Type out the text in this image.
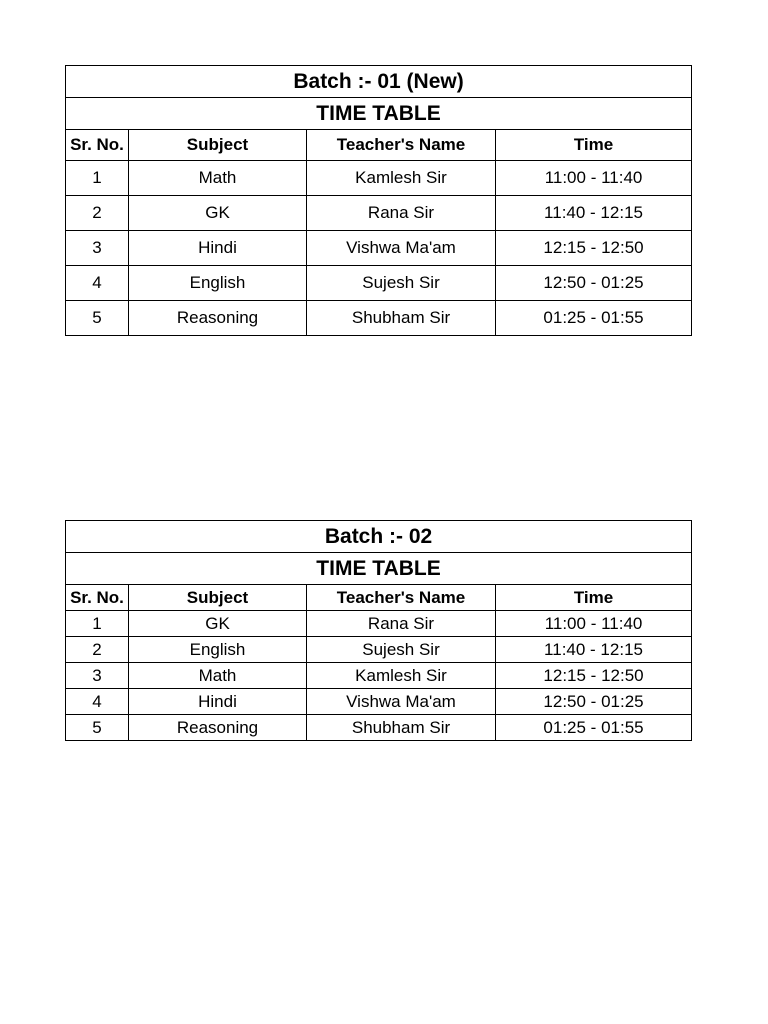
Batch :- 01 (New)			
TIME TABLE			
Sr. No.	Subject	Teacher's Name	Time
1	Math	Kamlesh Sir	11:00 - 11:40
2	GK	Rana Sir	11:40 - 12:15
3	Hindi	Vishwa Ma'am	12:15 - 12:50
4	English	Sujesh Sir	12:50 - 01:25
5	Reasoning	Shubham Sir	01:25 - 01:55
Batch :- 02			
TIME TABLE			
Sr. No.	Subject	Teacher's Name	Time
1	GK	Rana Sir	11:00 - 11:40
2	English	Sujesh Sir	11:40 - 12:15
3	Math	Kamlesh Sir	12:15 - 12:50
4	Hindi	Vishwa Ma'am	12:50 - 01:25
5	Reasoning	Shubham Sir	01:25 - 01:55
